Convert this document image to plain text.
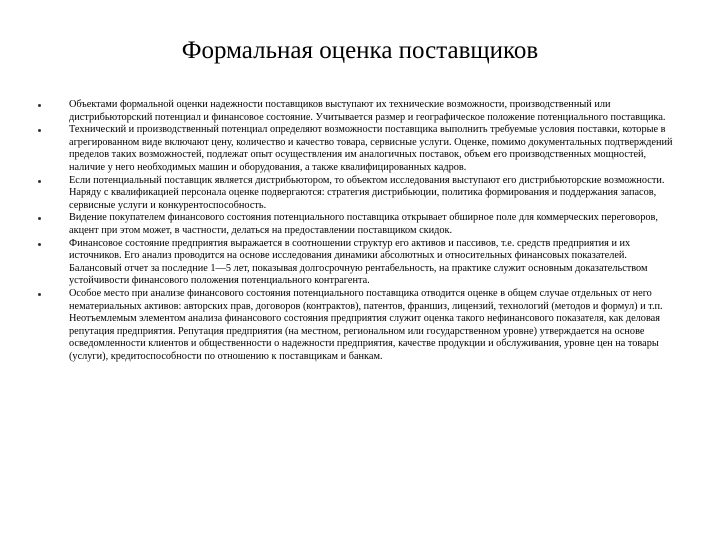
Формальная оценка поставщиков
Объектами формальной оценки надежности поставщиков выступают их технические возможности, производственный или дистрибьюторский потенциал и финансовое состояние. Учитывается размер и географическое положение потенциального поставщика.
Технический и производственный потенциал определяют возможности поставщика выполнить требуемые условия поставки, которые в агрегированном виде включают цену, количество и качество товара, сервисные услуги. Оценке, помимо документальных подтверждений пределов таких возможностей, подлежат опыт осуществления им аналогичных поставок, объем его производственных мощностей, наличие у него необходимых машин и оборудования, а также квалифицированных кадров.
Если потенциальный поставщик является дистрибьютором, то объектом исследования выступают его дистрибьюторские возможности. Наряду с квалификацией персонала оценке подвергаются: стратегия дистрибьюции, политика формирования и поддержания запасов, сервисные услуги и конкурентоспособность.
Видение покупателем финансового состояния потенциального поставщика открывает обширное поле для коммерческих переговоров, акцент при этом может, в частности, делаться на предоставлении поставщиком скидок.
Финансовое состояние предприятия выражается в соотношении структур его активов и пассивов, т.е. средств предприятия и их источников. Его анализ проводится на основе исследования динамики абсолютных и относительных финансовых показателей. Балансовый отчет за последние 1—5 лет, показывая долгосрочную рентабельность, на практике служит основным доказательством устойчивости финансового положения потенциального контрагента.
Особое место при анализе финансового состояния потенциального поставщика отводится оценке в общем случае отдельных от него нематериальных активов: авторских прав, договоров (контрактов), патентов, франшиз, лицензий, технологий (методов и формул) и т.п. Неотъемлемым элементом анализа финансового состояния предприятия служит оценка такого нефинансового показателя, как деловая репутация предприятия. Репутация предприятия (на местном, региональном или государственном уровне) утверждается на основе осведомленности клиентов и общественности о надежности предприятия, качестве продукции и обслуживания, уровне цен на товары (услуги), кредитоспособности по отношению к поставщикам и банкам.
